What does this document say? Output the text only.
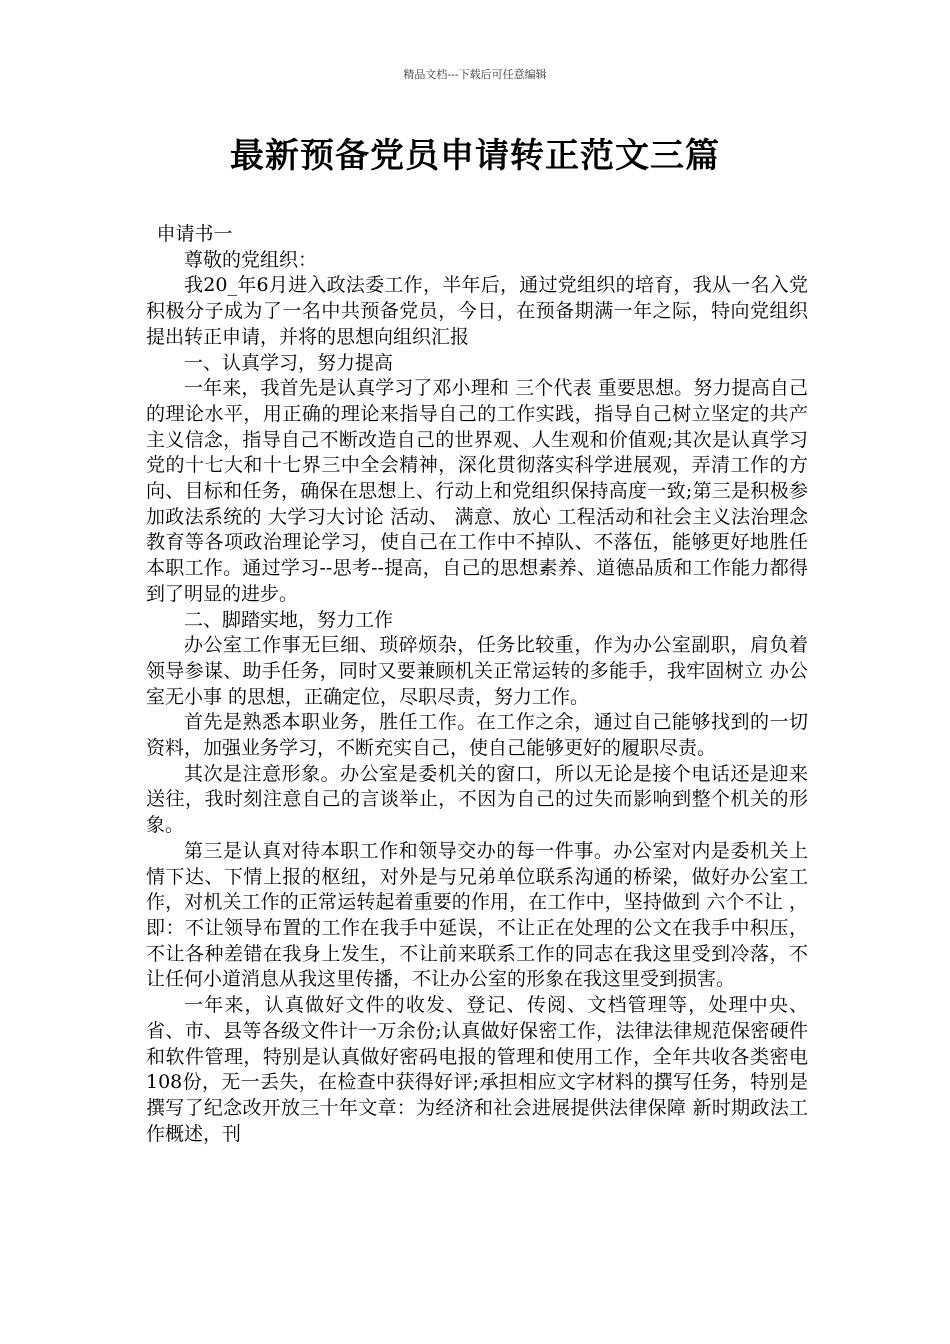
精品文档---下载后可任意编辑
最新预备党员申请转正范文三篇

申请书一

尊敬的党组织：

我20_年6月进入政法委工作，半年后，通过党组织的培育，我从一名入党积极分子成为了一名中共预备党员，今日，在预备期满一年之际，特向党组织提出转正申请，并将的思想向组织汇报

一、认真学习，努力提高

一年来，我首先是认真学习了邓小理和 三个代表 重要思想。努力提高自己的理论水平，用正确的理论来指导自己的工作实践，指导自己树立坚定的共产主义信念，指导自己不断改造自己的世界观、人生观和价值观;其次是认真学习党的十七大和十七界三中全会精神，深化贯彻落实科学进展观，弄清工作的方向、目标和任务，确保在思想上、行动上和党组织保持高度一致;第三是积极参加政法系统的 大学习大讨论 活动、 满意、放心 工程活动和社会主义法治理念教育等各项政治理论学习，使自己在工作中不掉队、不落伍，能够更好地胜任本职工作。通过学习--思考--提高，自己的思想素养、道德品质和工作能力都得到了明显的进步。

二、脚踏实地，努力工作

办公室工作事无巨细、琐碎烦杂，任务比较重，作为办公室副职，肩负着领导参谋、助手任务，同时又要兼顾机关正常运转的多能手，我牢固树立 办公室无小事 的思想，正确定位，尽职尽责，努力工作。

首先是熟悉本职业务，胜任工作。在工作之余，通过自己能够找到的一切资料，加强业务学习，不断充实自己，使自己能够更好的履职尽责。

其次是注意形象。办公室是委机关的窗口，所以无论是接个电话还是迎来送往，我时刻注意自己的言谈举止，不因为自己的过失而影响到整个机关的形象。

第三是认真对待本职工作和领导交办的每一件事。办公室对内是委机关上情下达、下情上报的枢纽，对外是与兄弟单位联系沟通的桥梁，做好办公室工作，对机关工作的正常运转起着重要的作用，在工作中，坚持做到 六个不让 ，即：不让领导布置的工作在我手中延误，不让正在处理的公文在我手中积压，不让各种差错在我身上发生，不让前来联系工作的同志在我这里受到冷落，不让任何小道消息从我这里传播，不让办公室的形象在我这里受到损害。

一年来，认真做好文件的收发、登记、传阅、文档管理等，处理中央、省、市、县等各级文件计一万余份;认真做好保密工作，法律法律规范保密硬件和软件管理，特别是认真做好密码电报的管理和使用工作，全年共收各类密电108份，无一丢失，在检查中获得好评;承担相应文字材料的撰写任务，特别是撰写了纪念改开放三十年文章：为经济和社会进展提供法律保障 新时期政法工作概述，刊
